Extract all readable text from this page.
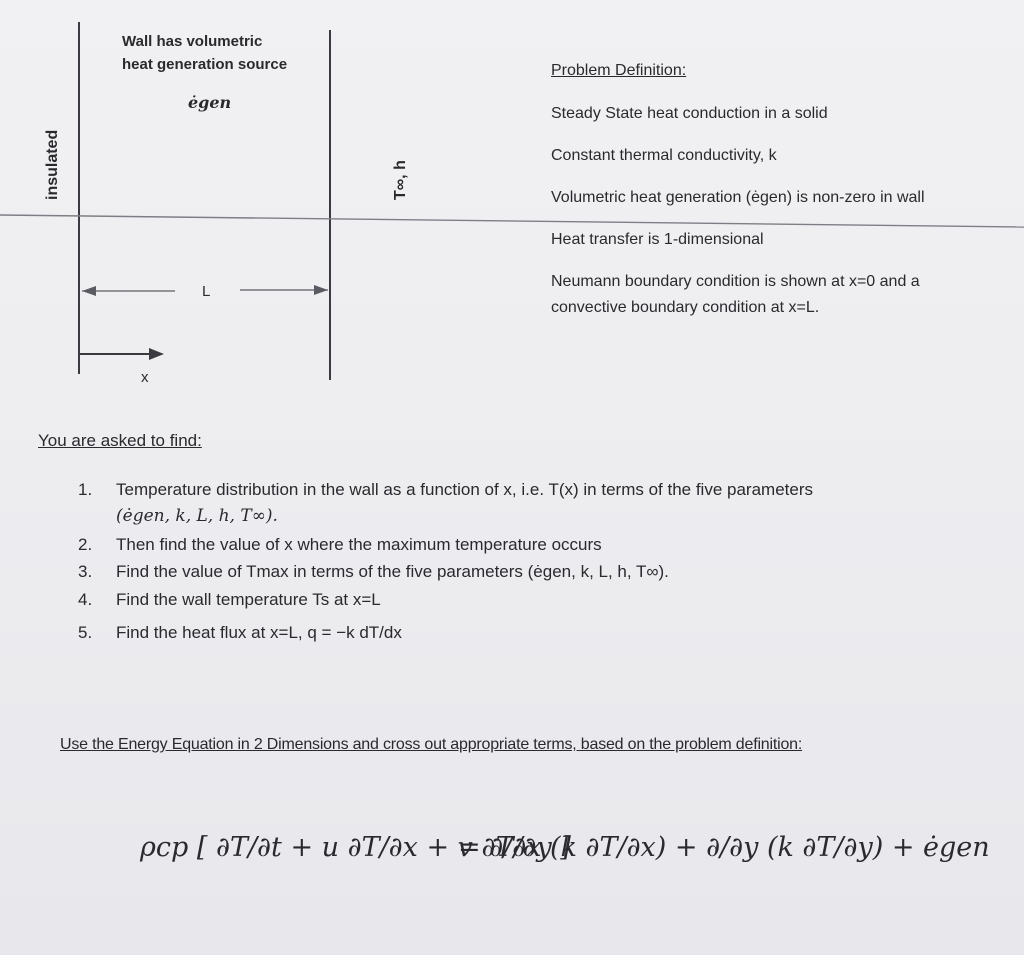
Wall has volumetric
heat generation source
ėgen
insulated	T∞, h
L
x
Problem Definition:
Steady State heat conduction in a solid
Constant thermal conductivity, k
Volumetric heat generation (ėgen) is non-zero in wall
Heat transfer is 1-dimensional
Neumann boundary condition is shown at x=0 and a
convective boundary condition at x=L.
You are asked to find:
1. Temperature distribution in the wall as a function of x, i.e. T(x) in terms of the five parameters
(ėgen, k, L, h, T∞).
2. Then find the value of x where the maximum temperature occurs
3. Find the value of Tmax in terms of the five parameters (ėgen, k, L, h, T∞).
4. Find the wall temperature Ts at x=L
5. Find the heat flux at x=L, q = −k dT/dx
Use the Energy Equation in 2 Dimensions and cross out appropriate terms, based on the problem definition:
ρcp [ ∂T/∂t + u ∂T/∂x + v ∂T/∂y ]
= ∂/∂x (k ∂T/∂x) + ∂/∂y (k ∂T/∂y) + ėgen
